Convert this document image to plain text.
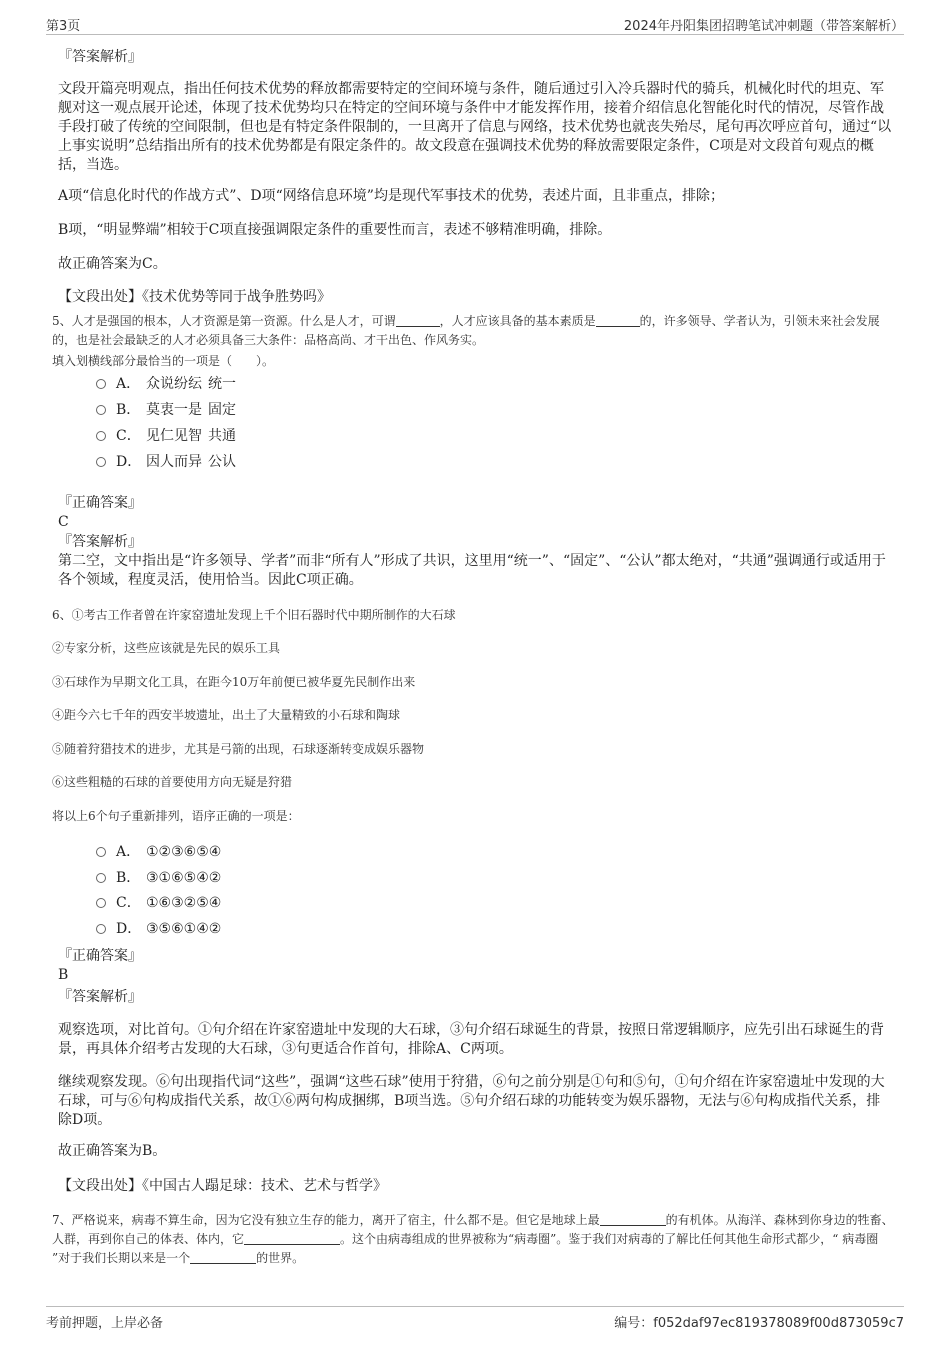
第3页	2024年丹阳集团招聘笔试冲刺题（带答案解析）
『答案解析』
文段开篇亮明观点，指出任何技术优势的释放都需要特定的空间环境与条件，随后通过引入冷兵器时代的骑兵，机械化时代的坦克、军舰对这一观点展开论述，体现了技术优势均只在特定的空间环境与条件中才能发挥作用，接着介绍信息化智能化时代的情况，尽管作战手段打破了传统的空间限制，但也是有特定条件限制的，一旦离开了信息与网络，技术优势也就丧失殆尽，尾句再次呼应首句，通过“以上事实说明”总结指出所有的技术优势都是有限定条件的。故文段意在强调技术优势的释放需要限定条件，C项是对文段首句观点的概括，当选。
A项“信息化时代的作战方式”、D项“网络信息环境”均是现代军事技术的优势，表述片面，且非重点，排除；
B项，“明显弊端”相较于C项直接强调限定条件的重要性而言，表述不够精准明确，排除。
故正确答案为C。
【文段出处】《技术优势等同于战争胜势吗》
5、人才是强国的根本，人才资源是第一资源。什么是人才，可谓	，人才应该具备的基本素质是	的，许多领导、学者认为，引领未来社会发展的，也是社会最缺乏的人才必须具备三大条件：品格高尚、才干出色、作风务实。
填入划横线部分最恰当的一项是（　　）。
A． 众说纷纭 统一
B． 莫衷一是 固定
C． 见仁见智 共通
D． 因人而异 公认
『正确答案』
C
『答案解析』
第二空，文中指出是“许多领导、学者”而非“所有人”形成了共识，这里用“统一”、“固定”、“公认”都太绝对，“共通”强调通行或适用于各个领域，程度灵活，使用恰当。因此C项正确。
6、①考古工作者曾在许家窑遗址发现上千个旧石器时代中期所制作的大石球
②专家分析，这些应该就是先民的娱乐工具
③石球作为早期文化工具，在距今10万年前便已被华夏先民制作出来
④距今六七千年的西安半坡遗址，出土了大量精致的小石球和陶球
⑤随着狩猎技术的进步，尤其是弓箭的出现，石球逐渐转变成娱乐器物
⑥这些粗糙的石球的首要使用方向无疑是狩猎
将以上6个句子重新排列，语序正确的一项是：
A． ①②③⑥⑤④
B． ③①⑥⑤④②
C． ①⑥③②⑤④
D． ③⑤⑥①④②
『正确答案』
B
『答案解析』
观察选项，对比首句。①句介绍在许家窑遗址中发现的大石球，③句介绍石球诞生的背景，按照日常逻辑顺序，应先引出石球诞生的背景，再具体介绍考古发现的大石球，③句更适合作首句，排除A、C两项。
继续观察发现。⑥句出现指代词“这些”，强调“这些石球”使用于狩猎，⑥句之前分别是①句和⑤句，①句介绍在许家窑遗址中发现的大石球，可与⑥句构成指代关系，故①⑥两句构成捆绑，B项当选。⑤句介绍石球的功能转变为娱乐器物，无法与⑥句构成指代关系，排除D项。
故正确答案为B。
【文段出处】《中国古人蹋足球：技术、艺术与哲学》
7、严格说来，病毒不算生命，因为它没有独立生存的能力，离开了宿主，什么都不是。但它是地球上最	的有机体。从海洋、森林到你身边的牲畜、人群，再到你自己的体表、体内，它	。这个由病毒组成的世界被称为“病毒圈”。鉴于我们对病毒的了解比任何其他生命形式都少，“ 病毒圈 ”对于我们长期以来是一个	的世界。
考前押题，上岸必备	编号：f052daf97ec819378089f00d873059c7
